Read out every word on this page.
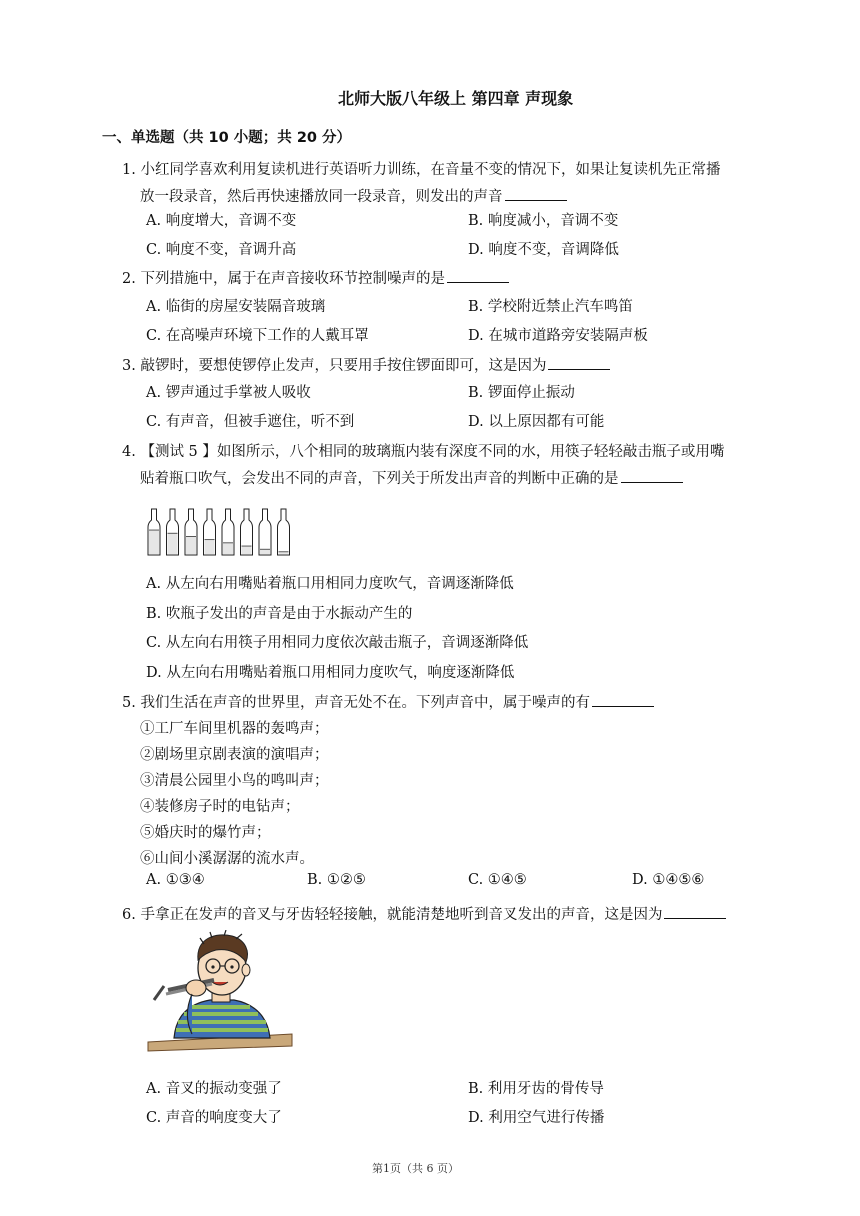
北师大版八年级上 第四章 声现象
一、单选题（共 10 小题；共 20 分）
1. 小红同学喜欢利用复读机进行英语听力训练，在音量不变的情况下，如果让复读机先正常播
放一段录音，然后再快速播放同一段录音，则发出的声音
A. 响度增大，音调不变	B. 响度减小，音调不变
C. 响度不变，音调升高	D. 响度不变，音调降低
2. 下列措施中，属于在声音接收环节控制噪声的是
A. 临街的房屋安装隔音玻璃	B. 学校附近禁止汽车鸣笛
C. 在高噪声环境下工作的人戴耳罩	D. 在城市道路旁安装隔声板
3. 敲锣时，要想使锣停止发声，只要用手按住锣面即可，这是因为
A. 锣声通过手掌被人吸收	B. 锣面停止振动
C. 有声音，但被手遮住，听不到	D. 以上原因都有可能
4. 【测试 5 】如图所示，八个相同的玻璃瓶内装有深度不同的水，用筷子轻轻敲击瓶子或用嘴
贴着瓶口吹气，会发出不同的声音，下列关于所发出声音的判断中正确的是
A. 从左向右用嘴贴着瓶口用相同力度吹气，音调逐渐降低
B. 吹瓶子发出的声音是由于水振动产生的
C. 从左向右用筷子用相同力度依次敲击瓶子，音调逐渐降低
D. 从左向右用嘴贴着瓶口用相同力度吹气，响度逐渐降低
5. 我们生活在声音的世界里，声音无处不在。下列声音中，属于噪声的有
①工厂车间里机器的轰鸣声；
②剧场里京剧表演的演唱声；
③清晨公园里小鸟的鸣叫声；
④装修房子时的电钻声；
⑤婚庆时的爆竹声；
⑥山间小溪潺潺的流水声。
A. ①③④	B. ①②⑤	C. ①④⑤	D. ①④⑤⑥
6. 手拿正在发声的音叉与牙齿轻轻接触，就能清楚地听到音叉发出的声音，这是因为
A. 音叉的振动变强了	B. 利用牙齿的骨传导
C. 声音的响度变大了	D. 利用空气进行传播
第1页（共 6 页）
